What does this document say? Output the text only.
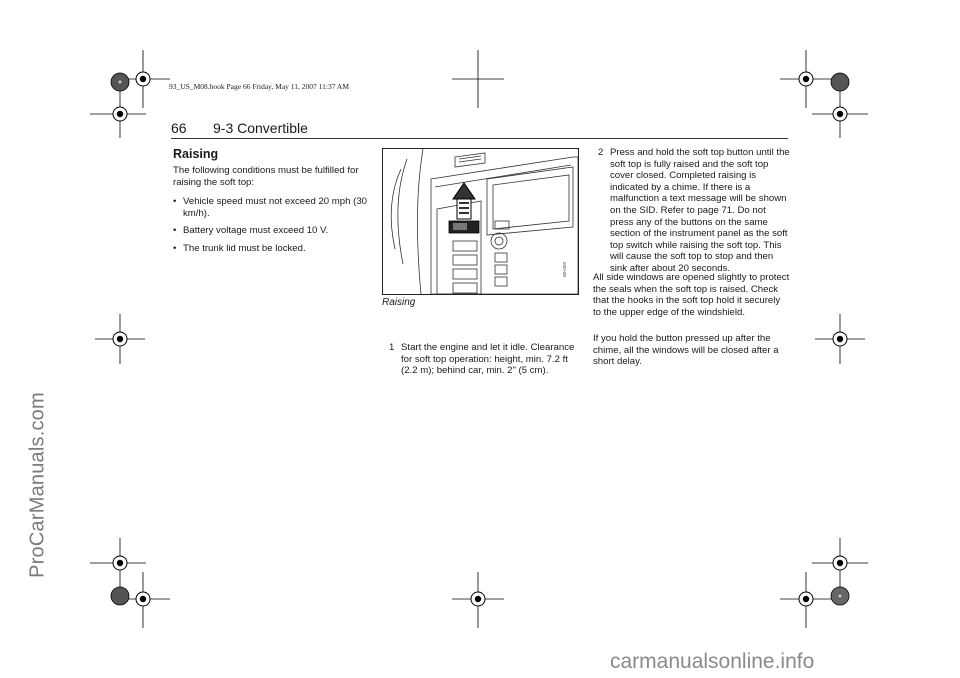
ProCarManuals.com
carmanualsonline.info
93_US_M08.book Page 66 Friday, May 11, 2007 11:37 AM
66 9-3 Convertible
Raising
The following conditions must be fulfilled for raising the soft top:
• Vehicle speed must not exceed 20 mph (30 km/h).
• Battery voltage must exceed 10 V.
• The trunk lid must be locked.
IBH403
Raising
1 Start the engine and let it idle. Clearance for soft top operation: height, min. 7.2 ft (2.2 m); behind car, min. 2" (5 cm).
2 Press and hold the soft top button until the soft top is fully raised and the soft top cover closed. Completed raising is indicated by a chime. If there is a malfunction a text message will be shown on the SID. Refer to page 71. Do not press any of the buttons on the same section of the instrument panel as the soft top switch while raising the soft top. This will cause the soft top to stop and then sink after about 20 seconds.
All side windows are opened slightly to protect the seals when the soft top is raised. Check that the hooks in the soft top hold it securely to the upper edge of the windshield.
If you hold the button pressed up after the chime, all the windows will be closed after a short delay.
